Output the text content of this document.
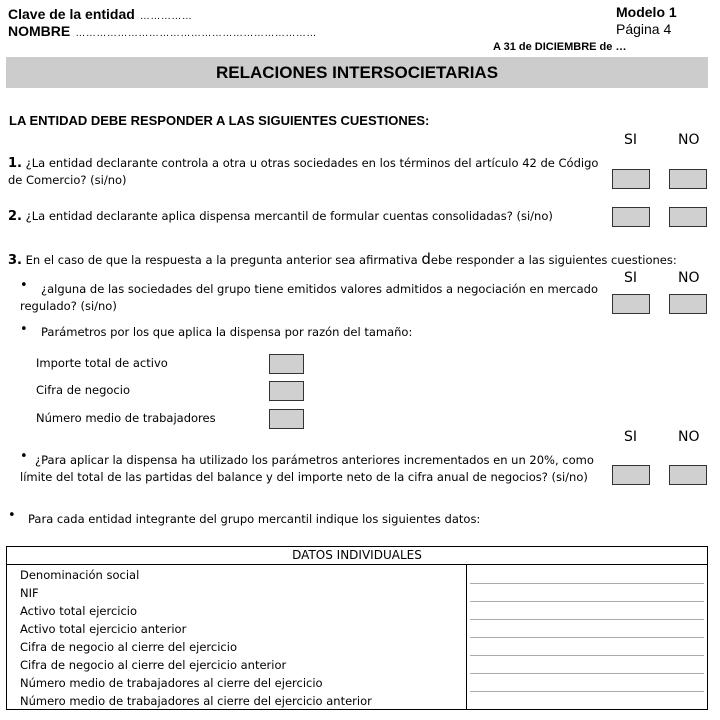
Clave de la entidad ……………
NOMBRE ……………………………………………………………
Modelo 1
Página 4
A 31 de DICIEMBRE de …
RELACIONES INTERSOCIETARIAS
LA ENTIDAD DEBE RESPONDER A LAS SIGUIENTES CUESTIONES:
SI	NO
1. ¿La entidad declarante controla a otra u otras sociedades en los términos del artículo 42 de Código
de Comercio? (si/no)
2. ¿La entidad declarante aplica dispensa mercantil de formular cuentas consolidadas? (si/no)
3. En el caso de que la respuesta a la pregunta anterior sea afirmativa debe responder a las siguientes cuestiones:
SI	NO
•	¿alguna de las sociedades del grupo tiene emitidos valores admitidos a negociación en mercado
regulado? (si/no)
• Parámetros por los que aplica la dispensa por razón del tamaño:
Importe total de activo
Cifra de negocio
Número medio de trabajadores
SI	NO
• ¿Para aplicar la dispensa ha utilizado los parámetros anteriores incrementados en un 20%, como
límite del total de las partidas del balance y del importe neto de la cifra anual de negocios? (si/no)
• Para cada entidad integrante del grupo mercantil indique los siguientes datos:
DATOS INDIVIDUALES
Denominación social
NIF
Activo total ejercicio
Activo total ejercicio anterior
Cifra de negocio al cierre del ejercicio
Cifra de negocio al cierre del ejercicio anterior
Número medio de trabajadores al cierre del ejercicio
Número medio de trabajadores al cierre del ejercicio anterior
